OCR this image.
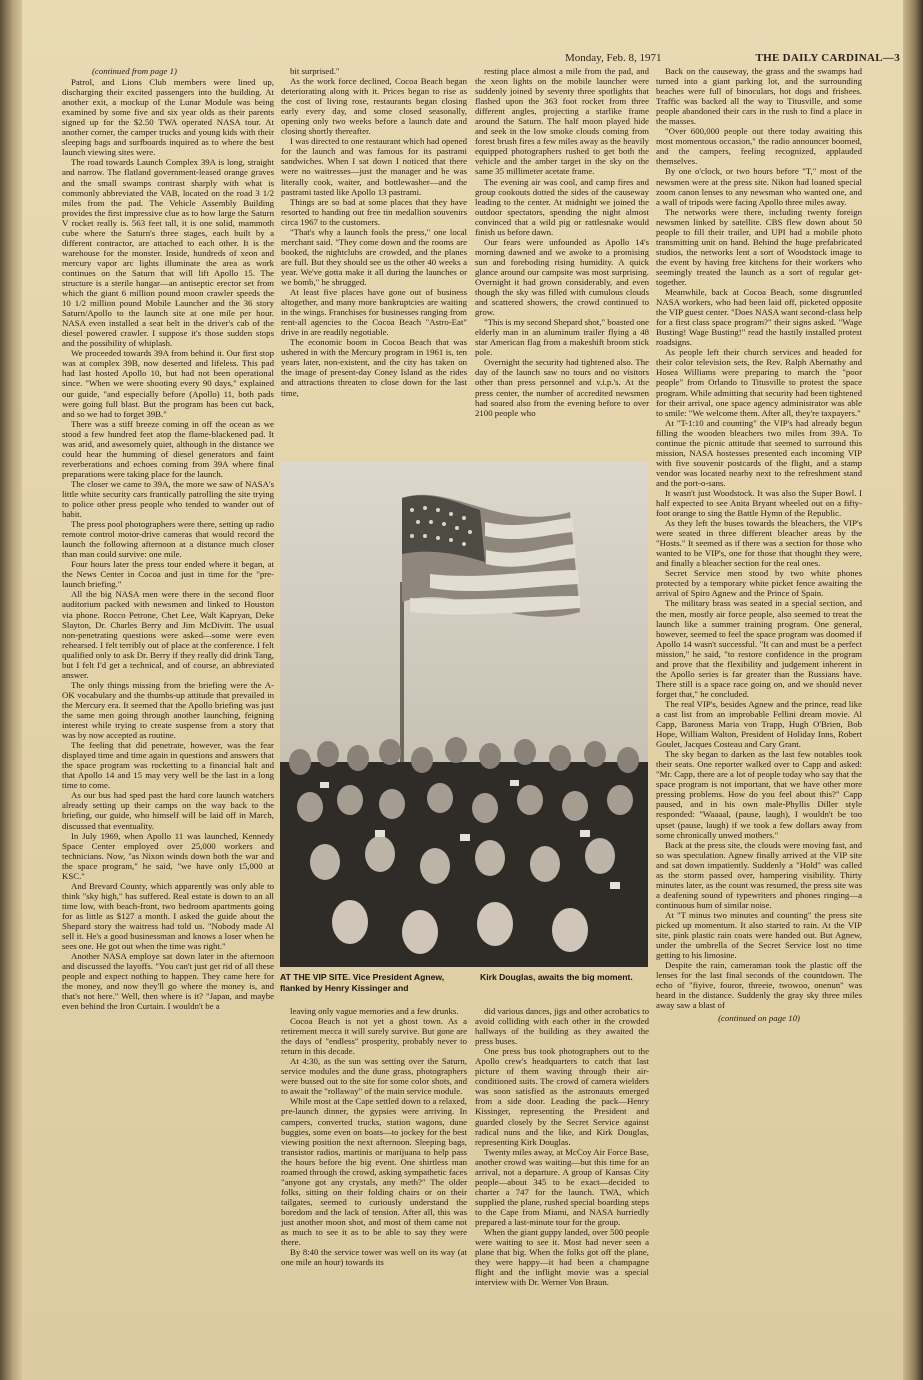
Monday, Feb. 8, 1971	THE DAILY CARDINAL—3

(continued from page 1)

Patrol, and Lions Club members were lined up, discharging their excited passengers into the building. At another exit, a mockup of the Lunar Module was being examined by some five and six year olds as their parents signed up for the $2.50 TWA operated NASA tour. At another corner, the camper trucks and young kids with their sleeping bags and surfboards inquired as to where the best launch viewing sites were.

The road towards Launch Complex 39A is long, straight and narrow. The flatland government-leased orange graves and the small swamps contrast sharply with what is commonly abbreviated the VAB, located on the road 3 1/2 miles from the pad. The Vehicle Assembly Building provides the first impressive clue as to how large the Saturn V rocket really is. 563 feet tall, it is one solid, mammoth cube where the Saturn's three stages, each built by a different contractor, are attached to each other. It is the warehouse for the monster. Inside, hundreds of xeon and mercury vapor arc lights illuminate the area as work continues on the Saturn that will lift Apollo 15. The structure is a sterile hangar—an antiseptic erector set from which the giant 6 million pound moon crawler speeds the 10 1/2 million pound Mobile Launcher and the 36 story Saturn/Apollo to the launch site at one mile per hour. NASA even installed a seat belt in the driver's cab of the diesel powered crawler. I suppose it's those sudden stops and the possibility of whiplash.

We proceeded towards 39A from behind it. Our first stop was at complex 39B, now deserted and lifeless. This pad had last hosted Apollo 10, but had not been operational since. "When we were shooting every 90 days," explained our guide, "and especially before (Apollo) 11, both pads were going full blast. But the program has been cut back, and so we had to forget 39B."

There was a stiff breeze coming in off the ocean as we stood a few hundred feet atop the flame-blackened pad. It was arid, and awesomely quiet, although in the distance we could hear the humming of diesel generators and faint reverberations and echoes coming from 39A where final preparations were taking place for the launch.

The closer we came to 39A, the more we saw of NASA's little white security cars frantically patrolling the site trying to police other press people who tended to wander out of habit.

The press pool photographers were there, setting up radio remote control motor-drive cameras that would record the launch the following afternoon at a distance much closer than man could survive: one mile.

Four hours later the press tour ended where it began, at the News Center in Cocoa and just in time for the "pre-launch briefing."

All the big NASA men were there in the second floor auditorium packed with newsmen and linked to Houston via phone. Rocco Petrone, Chet Lee, Walt Kapryan, Deke Slayton, Dr. Charles Berry and Jim McDivitt. The usual non-penetrating questions were asked—some were even rehearsed. I felt terribly out of place at the conference. I felt qualified only to ask Dr. Berry if they really did drink Tang, but I felt I'd get a technical, and of course, an abbreviated answer.

The only things missing from the briefing were the A-OK vocabulary and the thumbs-up attitude that prevailed in the Mercury era. It seemed that the Apollo briefing was just the same men going through another launching, feigning interest while trying to create suspense from a story that was by now accepted as routine.

The feeling that did penetrate, however, was the fear displayed time and time again in questions and answers that the space program was rocketting to a financial halt and that Apollo 14 and 15 may very well be the last in a long time to come.

As our bus had sped past the hard core launch watchers already setting up their camps on the way back to the briefing, our guide, who himself will be laid off in March, discussed that eventuality.

In July 1969, when Apollo 11 was launched, Kennedy Space Center employed over 25,000 workers and technicians. Now, "as Nixon winds down both the war and the space program," he said, "we have only 15,000 at KSC."

And Brevard County, which apparently was only able to think "sky high," has suffered. Real estate is down to an all time low, with beach-front, two bedroom apartments going for as little as $127 a month. I asked the guide about the Shepard story the waitress had told us. "Nobody made Al sell it. He's a good businessman and knows a loser when he sees one. He got out when the time was right."

Another NASA employe sat down later in the afternoon and discussed the layoffs. "You can't just get rid of all these people and expect nothing to happen. They came here for the money, and now they'll go where the money is, and that's not here." Well, then where is it? "Japan, and maybe even behind the Iron Curtain. I wouldn't be a

bit surprised."

As the work force declined, Cocoa Beach began deteriorating along with it. Prices began to rise as the cost of living rose, restaurants began closing early every day, and some closed seasonally, opening only two weeks before a launch date and closing shortly thereafter.

I was directed to one restaurant which had opened for the launch and was famous for its pastrami sandwiches. When I sat down I noticed that there were no waitresses—just the manager and he was literally cook, waiter, and bottlewasher—and the pastrami tasted like Apollo 13 pastrami.

Things are so bad at some places that they have resorted to handing out free tin medallion souvenirs circa 1967 to the customers.

"That's why a launch fools the press," one local merchant said. "They come down and the rooms are booked, the nightclubs are crowded, and the planes are full. But they should see us the other 40 weeks a year. We've gotta make it all during the launches or we bomb," he shrugged.

At least five places have gone out of business altogether, and many more bankruptcies are waiting in the wings. Franchises for businesses ranging from rent-all agencies to the Cocoa Beach "Astro-Eat" drive in are readily negotiable.

The economic boom in Cocoa Beach that was ushered in with the Mercury program in 1961 is, ten years later, non-existent, and the city has taken on the image of present-day Coney Island as the rides and attractions threaten to close down for the last time,

resting place almost a mile from the pad, and the xeon lights on the mobile launcher were suddenly joined by seventy three spotlights that flashed upon the 363 foot rocket from three different angles, projecting a starlike frame around the Saturn. The half moon played hide and seek in the low smoke clouds coming from forest brush fires a few miles away as the heavily equipped photographers rushed to get both the vehicle and the amber target in the sky on the same 35 millimeter acetate frame.

The evening air was cool, and camp fires and group cookouts dotted the sides of the causeway leading to the center. At midnight we joined the outdoor spectators, spending the night almost convinced that a wild pig or rattlesnake would finish us before dawn.

Our fears were unfounded as Apollo 14's morning dawned and we awoke to a promising sun and foreboding rising humidity. A quick glance around our campsite was most surprising. Overnight it had grown considerably, and even though the sky was filled with cumulous clouds and scattered showers, the crowd continued to grow.

"This is my second Shepard shot," boasted one elderly man in an aluminum trailer flying a 48 star American flag from a makeshift broom stick pole.

Overnight the security had tightened also. The day of the launch saw no tours and no visitors other than press personnel and v.i.p.'s. At the press center, the number of accredited newsmen had soared also from the evening before to over 2100 people who

Back on the causeway, the grass and the swamps had turned into a giant parking lot, and the surrounding beaches were full of binoculars, hot dogs and frisbees. Traffic was backed all the way to Titusville, and some people abandoned their cars in the rush to find a place in the masses.

"Over 600,000 people out there today awaiting this most momentous occasion," the radio announcer boomed, and the campers, feeling recognized, applauded themselves.

By one o'clock, or two hours before "T," most of the newsmen were at the press site. Nikon had loaned special zoom canon lenses to any newsman who wanted one, and a wall of tripods were facing Apollo three miles away.

The networks were there, including twenty foreign newsmen linked by satellite. CBS flew down about 50 people to fill their trailer, and UPI had a mobile photo transmitting unit on hand. Behind the huge prefabricated studios, the networks lent a sort of Woodstock image to the event by having free kitchens for their workers who seemingly treated the launch as a sort of regular get-together.

Meanwhile, back at Cocoa Beach, some disgruntled NASA workers, who had been laid off, picketed opposite the VIP guest center. "Does NASA want second-class help for a first class space program?" their signs asked. "Wage Busting! Wage Busting!" read the hastily installed protest roadsigns.

As people left their church services and headed for their color television sets, the Rev. Ralph Abernathy and Hosea Williams were preparing to march the "poor people" from Orlando to Titusville to protest the space program. While admitting that security had been tightened for their arrival, one space agency administrator was able to smile: "We welcome them. After all, they're taxpayers."

At "T-1:10 and counting" the VIP's had already begun filling the wooden bleachers two miles from 39A. To continue the picnic attitude that seemed to surround this mission, NASA hostesses presented each incoming VIP with five souvenir postcards of the flight, and a stamp vendor was located nearby next to the refreshment stand and the port-o-sans.

It wasn't just Woodstock. It was also the Super Bowl. I half expected to see Anita Bryant wheeled out on a fifty-foot orange to sing the Battle Hymn of the Republic.

As they left the buses towards the bleachers, the VIP's were seated in three different bleacher areas by the "Hosts." It seemed as if there was a section for those who wanted to be VIP's, one for those that thought they were, and finally a bleacher section for the real ones.

Secret Service men stood by two white phones protected by a temporary white picket fence awaiting the arrival of Spiro Agnew and the Prince of Spain.

The military brass was seated in a special section, and the men, mostly air force people, also seemed to treat the launch like a summer training program. One general, however, seemed to feel the space program was doomed if Apollo 14 wasn't successful. "It can and must be a perfect mission," he said, "to restore confidence in the program and prove that the flexibility and judgement inherent in the Apollo series is far greater than the Russians have. There still is a space race going on, and we should never forget that," he concluded.

The real VIP's, besides Agnew and the prince, read like a cast list from an improbable Fellini dream movie. Al Capp, Baroness Maria von Trapp, Hugh O'Brien, Bob Hope, William Walton, President of Holiday Inns, Robert Goulet, Jacques Costeau and Cary Grant.

The sky began to darken as the last few notables took their seats. One reporter walked over to Capp and asked: "Mr. Capp, there are a lot of people today who say that the space program is not important, that we have other more pressing problems. How do you feel about this?" Capp paused, and in his own male-Phyllis Diller style responded: "Waaaal, (pause, laugh), I wouldn't be too upset (pause, laugh) if we took a few dollars away from some chronically unwed mothers."

Back at the press site, the clouds were moving fast, and so was speculation. Agnew finally arrived at the VIP site and sat down impatiently. Suddenly a "Hold" was called as the storm passed over, hampering visibility. Thirty minutes later, as the count was resumed, the press site was a deafening sound of typewriters and phones ringing—a continuous hum of similar noise.

At "T minus two minutes and counting" the press site picked up momentum. It also started to rain. At the VIP site, pink plastic rain coats were handed out. But Agnew, under the umbrella of the Secret Service lost no time getting to his limosine.

Despite the rain, cameraman took the plastic off the lenses for the last final seconds of the countdown. The echo of "fiyive, fouror, threeie, twowoo, onenun" was heard in the distance. Suddenly the gray sky three miles away saw a blast of

(continued on page 10)

AT THE VIP SITE. Vice President Agnew, flanked by Henry Kissinger and
Kirk Douglas, awaits the big moment.

leaving only vague memories and a few drunks.

Cocoa Beach is not yet a ghost town. As a retirement mecca it will surely survive. But gone are the days of "endless" prosperity, probably never to return in this decade.

At 4:30, as the sun was setting over the Saturn, service modules and the dune grass, photographers were bussed out to the site for some color shots, and to await the "rollaway" of the main service module.

While most at the Cape settled down to a relaxed, pre-launch dinner, the gypsies were arriving. In campers, converted trucks, station wagons, dune buggies, some even on boats—to jockey for the best viewing position the next afternoon. Sleeping bags, transistor radios, martinis or marijuana to help pass the hours before the big event. One shirtless man roamed through the crowd, asking sympathetic faces "anyone got any crystals, any meth?" The older folks, sitting on their folding chairs or on their tailgates, seemed to curiously understand the boredom and the lack of tension. After all, this was just another moon shot, and most of them came not as much to see it as to be able to say they were there.

By 8:40 the service tower was well on its way (at one mile an hour) towards its

did various dances, jigs and other acrobatics to avoid colliding with each other in the crowded hallways of the building as they awaited the press buses.

One press bus took photographers out to the Apollo crew's headquarters to catch that last picture of them waving through their air-conditioned suits. The crowd of camera wielders was soon satisfied as the astronauts emerged from a side door. Leading the pack—Henry Kissinger, representing the President and guarded closely by the Secret Service against radical nuns and the like, and Kirk Douglas, representing Kirk Douglas.

Twenty miles away, at McCoy Air Force Base, another crowd was waiting—but this time for an arrival, not a departure. A group of Kansas City people—about 345 to be exact—decided to charter a 747 for the launch. TWA, which supplied the plane, rushed special boarding steps to the Cape from Miami, and NASA hurriedly prepared a last-minute tour for the group.

When the giant guppy landed, over 500 people were waiting to see it. Most had never seen a plane that big. When the folks got off the plane, they were happy—it had been a champagne flight and the inflight movie was a special interview with Dr. Werner Von Braun.
